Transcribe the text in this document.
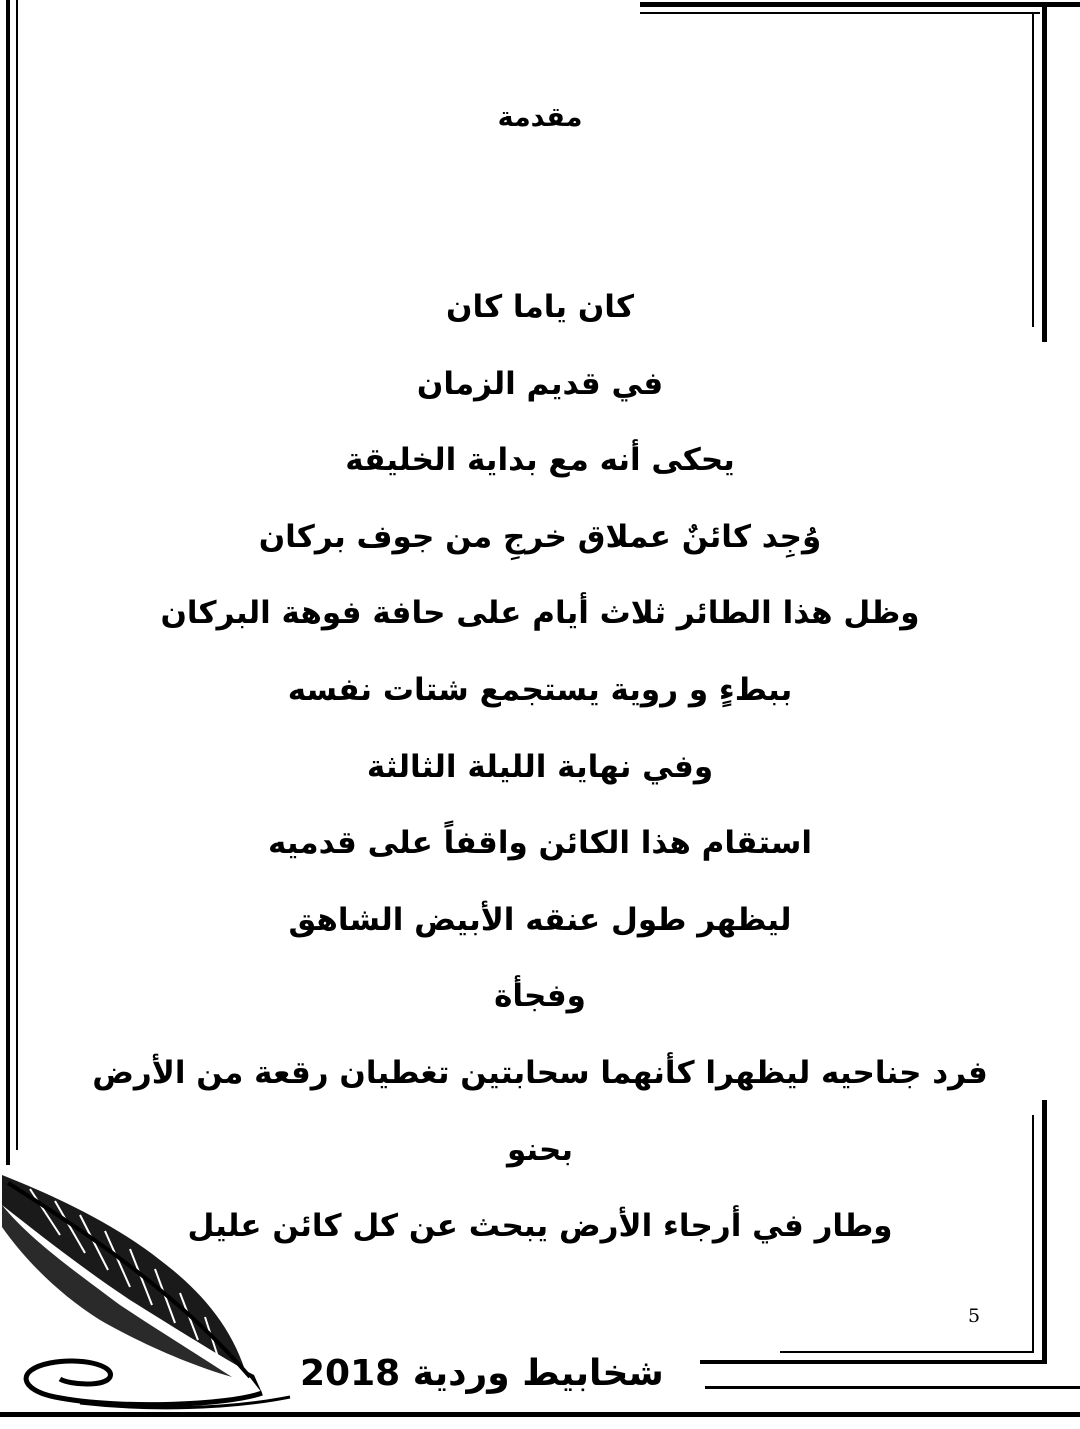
مقدمة
كان ياما كان
في قديم الزمان
يحكى أنه مع بداية الخليقة
وُجِد كائنٌ عملاق خرجِ من جوف بركان
وظل هذا الطائر ثلاث أيام على حافة فوهة البركان
ببطءٍ و روية يستجمع شتات نفسه
وفي نهاية الليلة الثالثة
استقام هذا الكائن واقفاً على قدميه
ليظهر طول عنقه الأبيض الشاهق
وفجأة
فرد جناحيه ليظهرا كأنهما سحابتين تغطيان رقعة من الأرض
بحنو
وطار في أرجاء الأرض يبحث عن كل كائن عليل
5
شخابيط وردية 2018
